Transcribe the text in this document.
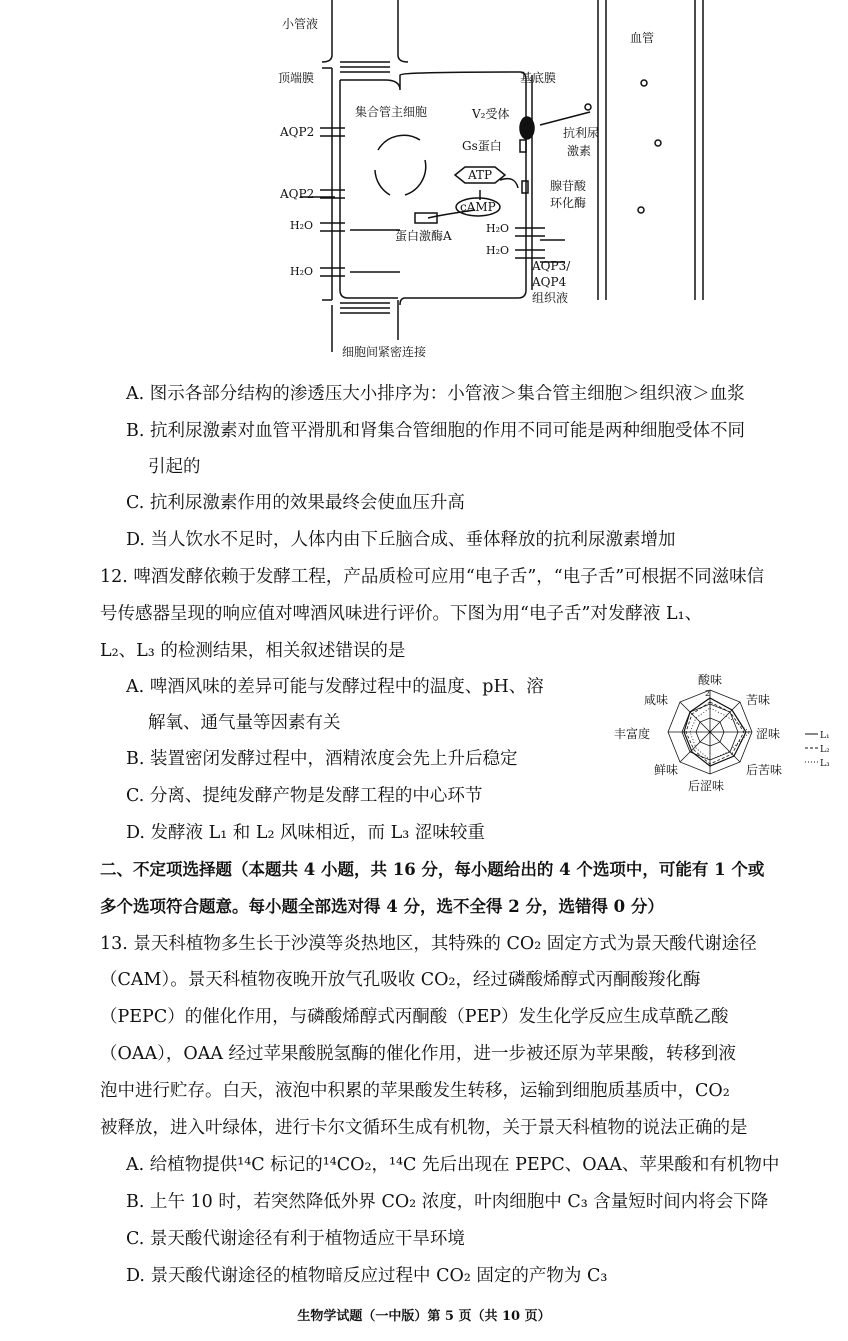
小管液
血管
顶端膜	基底膜
集合管主细胞	V₂受体
Gs蛋白
抗利尿
激素
AQP2
AQP2
ATP
cAMP
腺苷酸
环化酶
H₂O
H₂O
H₂O
H₂O
蛋白激酶A
AQP3/
AQP4
组织液
细胞间紧密连接
A. 图示各部分结构的渗透压大小排序为：小管液＞集合管主细胞＞组织液＞血浆
B. 抗利尿激素对血管平滑肌和肾集合管细胞的作用不同可能是两种细胞受体不同
引起的
C. 抗利尿激素作用的效果最终会使血压升高
D. 当人饮水不足时，人体内由下丘脑合成、垂体释放的抗利尿激素增加
12. 啤酒发酵依赖于发酵工程，产品质检可应用“电子舌”，“电子舌”可根据不同滋味信
号传感器呈现的响应值对啤酒风味进行评价。下图为用“电子舌”对发酵液 L₁、
L₂、L₃ 的检测结果，相关叙述错误的是
A. 啤酒风味的差异可能与发酵过程中的温度、pH、溶
解氧、通气量等因素有关
B. 装置密闭发酵过程中，酒精浓度会先上升后稳定
C. 分离、提纯发酵产物是发酵工程的中心环节
D. 发酵液 L₁ 和 L₂ 风味相近，而 L₃ 涩味较重
酸味
苦味
涩味
后苦味
后涩味
鲜味
丰富度
咸味	2
L₁
L₂
L₃
二、不定项选择题（本题共 4 小题，共 16 分，每小题给出的 4 个选项中，可能有 1 个或
多个选项符合题意。每小题全部选对得 4 分，选不全得 2 分，选错得 0 分）
13. 景天科植物多生长于沙漠等炎热地区，其特殊的 CO₂ 固定方式为景天酸代谢途径
（CAM）。景天科植物夜晚开放气孔吸收 CO₂，经过磷酸烯醇式丙酮酸羧化酶
（PEPC）的催化作用，与磷酸烯醇式丙酮酸（PEP）发生化学反应生成草酰乙酸
（OAA），OAA 经过苹果酸脱氢酶的催化作用，进一步被还原为苹果酸，转移到液
泡中进行贮存。白天，液泡中积累的苹果酸发生转移，运输到细胞质基质中，CO₂
被释放，进入叶绿体，进行卡尔文循环生成有机物，关于景天科植物的说法正确的是
A. 给植物提供¹⁴C 标记的¹⁴CO₂，¹⁴C 先后出现在 PEPC、OAA、苹果酸和有机物中
B. 上午 10 时，若突然降低外界 CO₂ 浓度，叶肉细胞中 C₃ 含量短时间内将会下降
C. 景天酸代谢途径有利于植物适应干旱环境
D. 景天酸代谢途径的植物暗反应过程中 CO₂ 固定的产物为 C₃
生物学试题（一中版）第 5 页（共 10 页）
